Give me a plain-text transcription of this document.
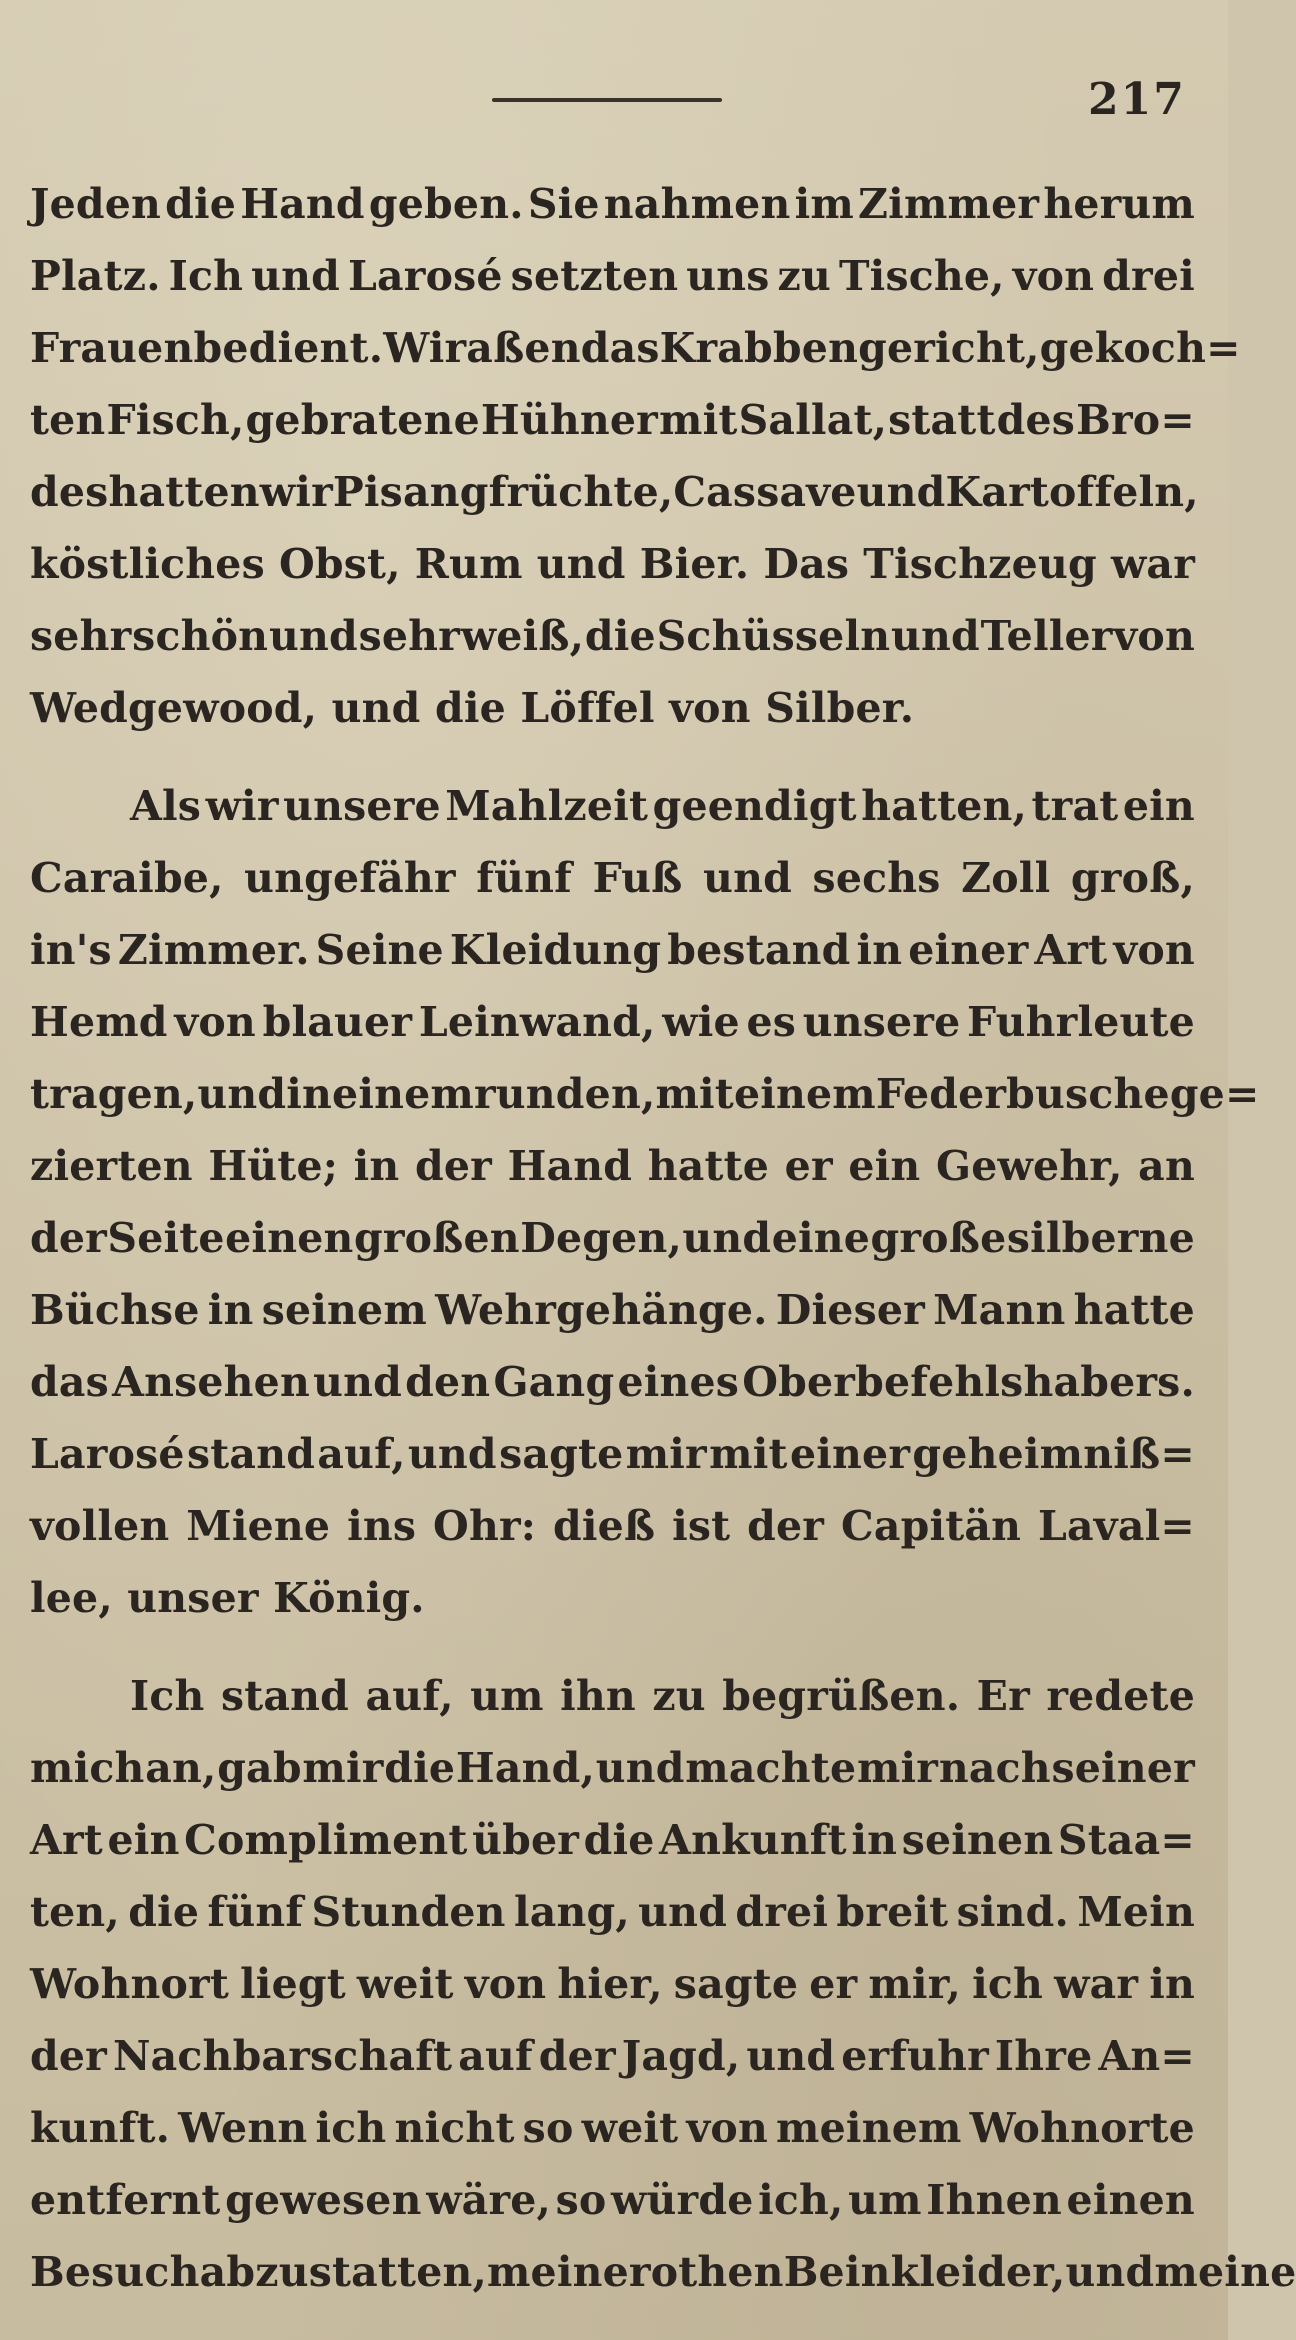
217
Jeden die Hand geben. Sie nahmen im Zimmer herum
Platz. Ich und Larosé setzten uns zu Tische, von drei
Frauen bedient. Wir aßen das Krabbengericht, gekoch=
ten Fisch, gebratene Hühner mit Sallat, statt des Bro=
des hatten wir Pisangfrüchte, Cassave und Kartoffeln,
köstliches Obst, Rum und Bier. Das Tischzeug war
sehr schön und sehr weiß, die Schüsseln und Teller von
Wedgewood, und die Löffel von Silber.
Als wir unsere Mahlzeit geendigt hatten, trat ein
Caraibe, ungefähr fünf Fuß und sechs Zoll groß,
in's Zimmer. Seine Kleidung bestand in einer Art von
Hemd von blauer Leinwand, wie es unsere Fuhrleute
tragen, und in einem runden, mit einem Federbusche ge=
zierten Hüte; in der Hand hatte er ein Gewehr, an
der Seite einen großen Degen, und eine große silberne
Büchse in seinem Wehrgehänge. Dieser Mann hatte
das Ansehen und den Gang eines Oberbefehlshabers.
Larosé stand auf, und sagte mir mit einer geheimniß=
vollen Miene ins Ohr: dieß ist der Capitän Laval=
lee, unser König.
Ich stand auf, um ihn zu begrüßen. Er redete
mich an, gab mir die Hand, und machte mir nach seiner
Art ein Compliment über die Ankunft in seinen Staa=
ten, die fünf Stunden lang, und drei breit sind. Mein
Wohnort liegt weit von hier, sagte er mir, ich war in
der Nachbarschaft auf der Jagd, und erfuhr Ihre An=
kunft. Wenn ich nicht so weit von meinem Wohnorte
entfernt gewesen wäre, so würde ich, um Ihnen einen
Besuch abzustatten, meine rothen Beinkleider, und meine
